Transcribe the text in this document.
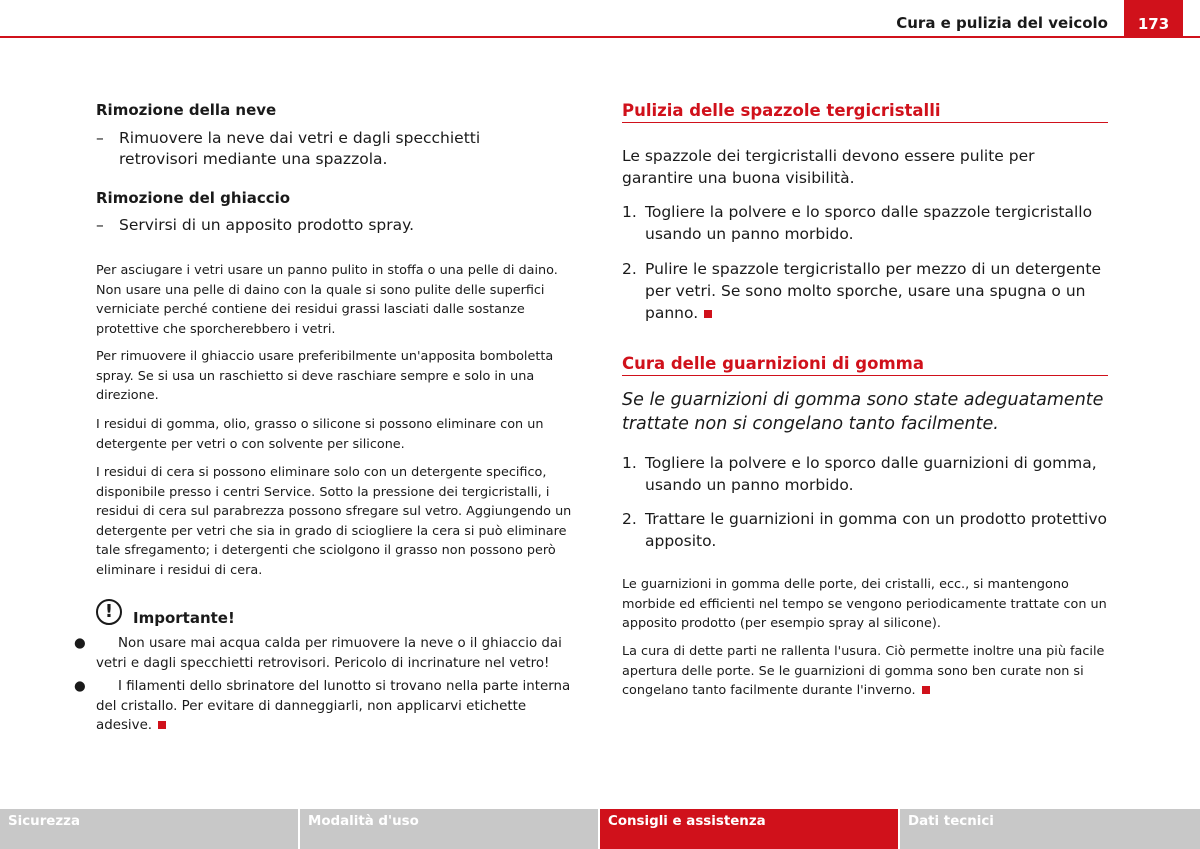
Cura e pulizia del veicolo	173
Rimozione della neve
– Rimuovere la neve dai vetri e dagli specchietti retrovisori mediante una spazzola.
Rimozione del ghiaccio
– Servirsi di un apposito prodotto spray.
Per asciugare i vetri usare un panno pulito in stoffa o una pelle di daino. Non usare una pelle di daino con la quale si sono pulite delle superfici verniciate perché contiene dei residui grassi lasciati dalle sostanze protettive che sporcherebbero i vetri.
Per rimuovere il ghiaccio usare preferibilmente un'apposita bomboletta spray. Se si usa un raschietto si deve raschiare sempre e solo in una direzione.
I residui di gomma, olio, grasso o silicone si possono eliminare con un detergente per vetri o con solvente per silicone.
I residui di cera si possono eliminare solo con un detergente specifico, disponibile presso i centri Service. Sotto la pressione dei tergicristalli, i residui di cera sul parabrezza possono sfregare sul vetro. Aggiungendo un detergente per vetri che sia in grado di sciogliere la cera si può eliminare tale sfregamento; i detergenti che sciolgono il grasso non possono però eliminare i residui di cera.
!	Importante!
● Non usare mai acqua calda per rimuovere la neve o il ghiaccio dai vetri e dagli specchietti retrovisori. Pericolo di incrinature nel vetro!
● I filamenti dello sbrinatore del lunotto si trovano nella parte interna del cristallo. Per evitare di danneggiarli, non applicarvi etichette adesive.
Pulizia delle spazzole tergicristalli
Le spazzole dei tergicristalli devono essere pulite per garantire una buona visibilità.
1. Togliere la polvere e lo sporco dalle spazzole tergicristallo usando un panno morbido.
2. Pulire le spazzole tergicristallo per mezzo di un detergente per vetri. Se sono molto sporche, usare una spugna o un panno.
Cura delle guarnizioni di gomma
Se le guarnizioni di gomma sono state adeguatamente trattate non si congelano tanto facilmente.
1. Togliere la polvere e lo sporco dalle guarnizioni di gomma, usando un panno morbido.
2. Trattare le guarnizioni in gomma con un prodotto protettivo apposito.
Le guarnizioni in gomma delle porte, dei cristalli, ecc., si mantengono morbide ed efficienti nel tempo se vengono periodicamente trattate con un apposito prodotto (per esempio spray al silicone).
La cura di dette parti ne rallenta l'usura. Ciò permette inoltre una più facile apertura delle porte. Se le guarnizioni di gomma sono ben curate non si congelano tanto facilmente durante l'inverno.
Sicurezza	Modalità d'uso	Consigli e assistenza	Dati tecnici
